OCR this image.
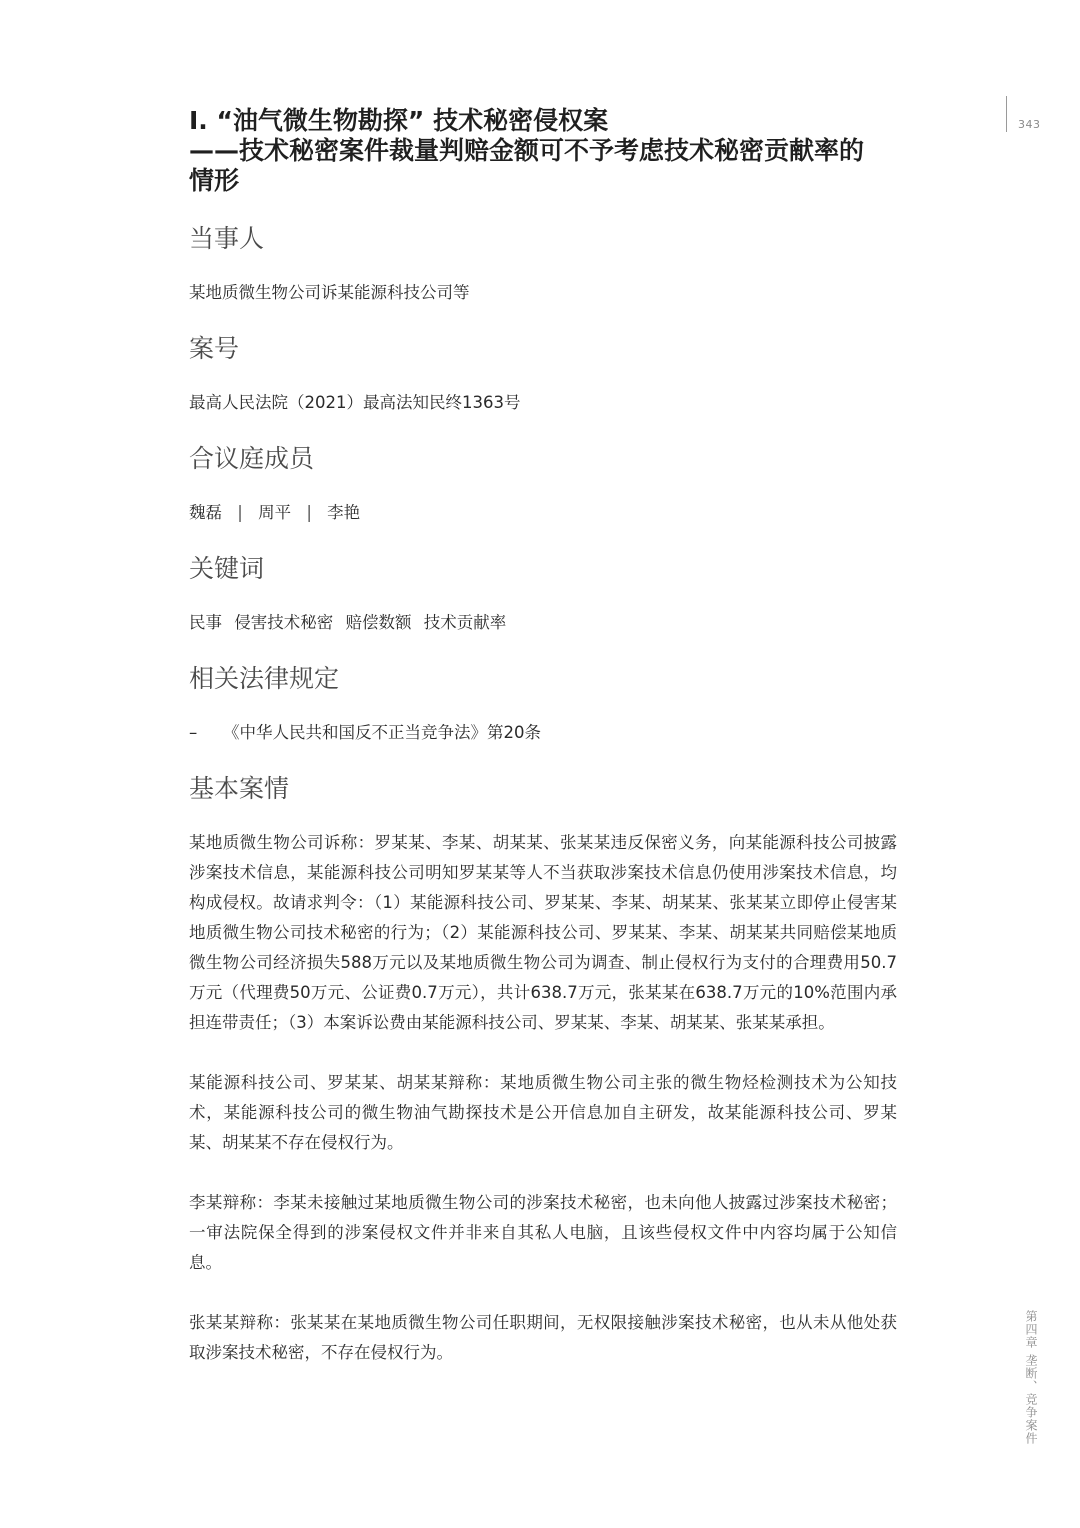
343
第四章 垄断、竞争案件
I. “油气微生物勘探” 技术秘密侵权案
——技术秘密案件裁量判赔金额可不予考虑技术秘密贡献率的
情形
当事人
某地质微生物公司诉某能源科技公司等
案号
最高人民法院（2021）最高法知民终1363号
合议庭成员
魏磊 | 周平 | 李艳
关键词
民事 侵害技术秘密 赔偿数额 技术贡献率
相关法律规定
–	《中华人民共和国反不正当竞争法》第20条
基本案情

某地质微生物公司诉称：罗某某、李某、胡某某、张某某违反保密义务，向某能源科技公司披露涉案技术信息，某能源科技公司明知罗某某等人不当获取涉案技术信息仍使用涉案技术信息，均构成侵权。故请求判令：（1）某能源科技公司、罗某某、李某、胡某某、张某某立即停止侵害某地质微生物公司技术秘密的行为；（2）某能源科技公司、罗某某、李某、胡某某共同赔偿某地质微生物公司经济损失588万元以及某地质微生物公司为调查、制止侵权行为支付的合理费用50.7万元（代理费50万元、公证费0.7万元），共计638.7万元，张某某在638.7万元的10%范围内承担连带责任；（3）本案诉讼费由某能源科技公司、罗某某、李某、胡某某、张某某承担。

某能源科技公司、罗某某、胡某某辩称：某地质微生物公司主张的微生物烃检测技术为公知技术，某能源科技公司的微生物油气勘探技术是公开信息加自主研发，故某能源科技公司、罗某某、胡某某不存在侵权行为。

李某辩称：李某未接触过某地质微生物公司的涉案技术秘密，也未向他人披露过涉案技术秘密；一审法院保全得到的涉案侵权文件并非来自其私人电脑，且该些侵权文件中内容均属于公知信息。

张某某辩称：张某某在某地质微生物公司任职期间，无权限接触涉案技术秘密，也从未从他处获取涉案技术秘密，不存在侵权行为。
